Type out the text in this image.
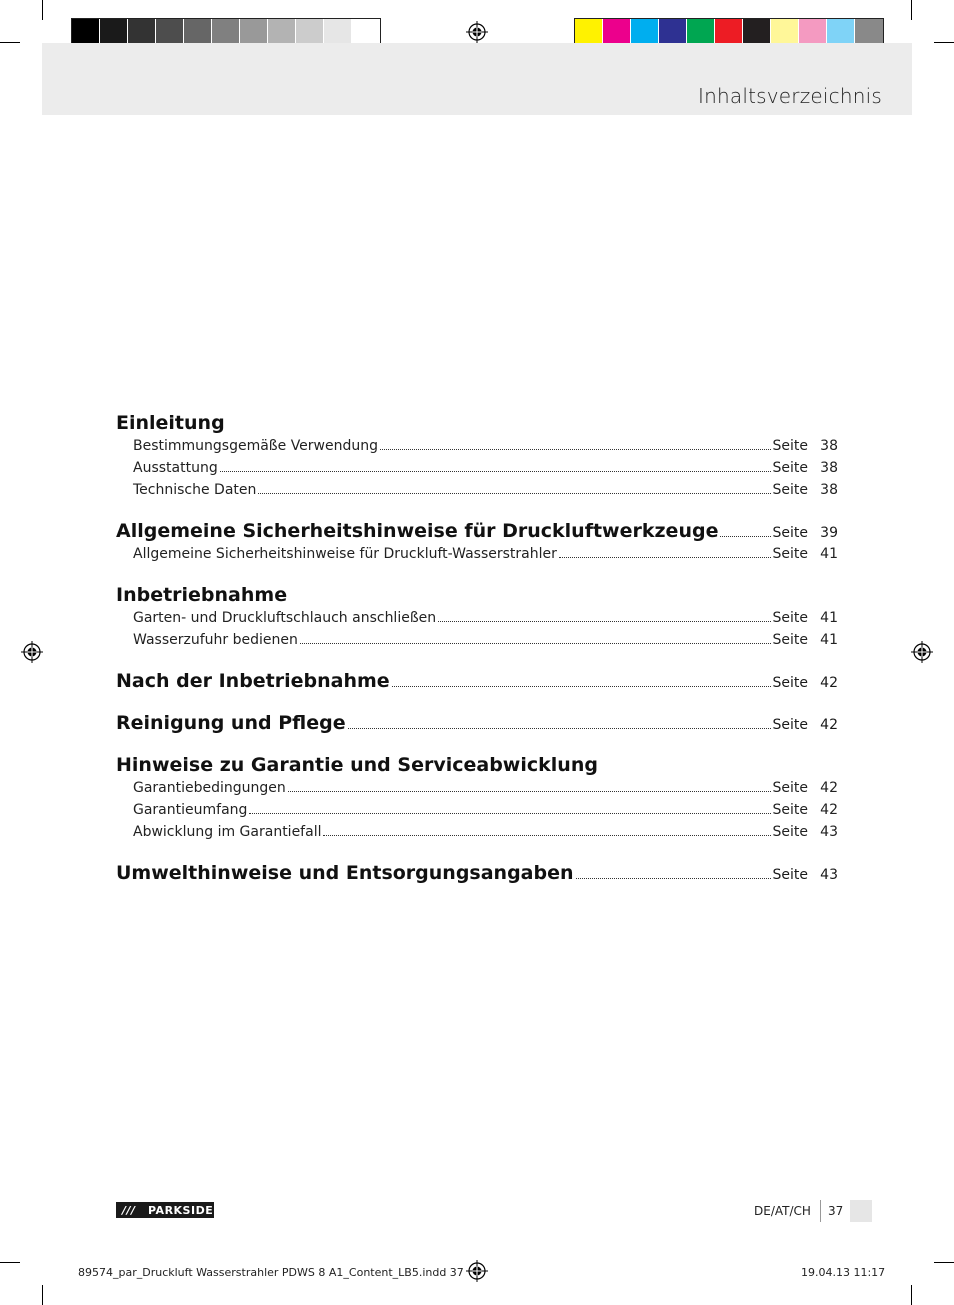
Inhaltsverzeichnis
Einleitung
Bestimmungsgemäße Verwendung	Seite 38
Ausstattung	Seite 38
Technische Daten	Seite 38
Allgemeine Sicherheitshinweise für Druckluftwerkzeuge	Seite 39
Allgemeine Sicherheitshinweise für Druckluft-Wasserstrahler	Seite 41
Inbetriebnahme
Garten- und Druckluftschlauch anschließen	Seite 41
Wasserzufuhr bedienen	Seite 41
Nach der Inbetriebnahme	Seite 42
Reinigung und Pflege	Seite 42
Hinweise zu Garantie und Serviceabwicklung
Garantiebedingungen	Seite 42
Garantieumfang	Seite 42
Abwicklung im Garantiefall	Seite 43
Umwelthinweise und Entsorgungsangaben	Seite 43
///	PARKSIDE	DE/AT/CH 37
89574_par_Druckluft Wasserstrahler PDWS 8 A1_Content_LB5.indd 37	19.04.13 11:17
